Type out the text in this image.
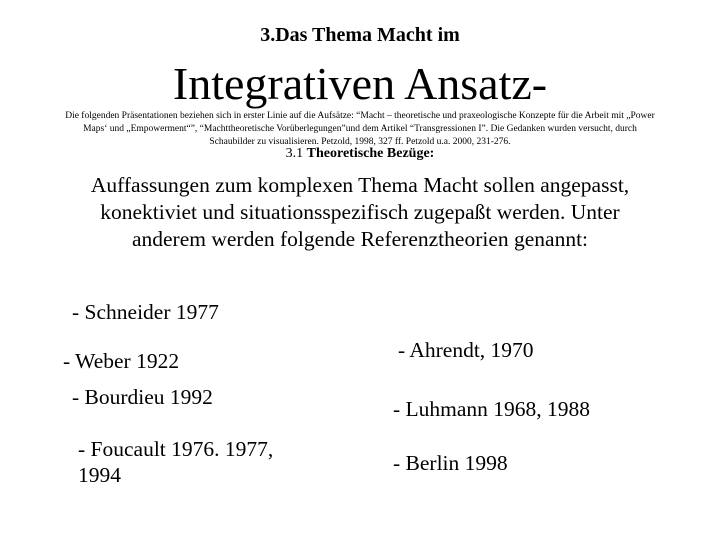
3.Das Thema Macht im
Integrativen Ansatz-
Die folgenden Präsentationen beziehen sich in erster Linie auf die Aufsätze: “Macht – theoretische und praxeologische Konzepte für die Arbeit mit „Power Maps‘ und „Empowerment“”, “Machttheoretische Vorüberlegungen”und dem Artikel “Transgressionen I”. Die Gedanken wurden versucht, durch Schaubilder zu visualisieren. Petzold, 1998, 327 ff. Petzold u.a. 2000, 231-276.
3.1 Theoretische Bezüge:
Auffassungen zum komplexen Thema Macht sollen angepasst, konektiviet und situationsspezifisch zugepaßt werden. Unter anderem werden folgende Referenztheorien genannt:
- Schneider 1977
- Weber 1922
- Bourdieu 1992
- Foucault 1976. 1977, 1994
- Ahrendt, 1970
- Luhmann 1968, 1988
- Berlin 1998
